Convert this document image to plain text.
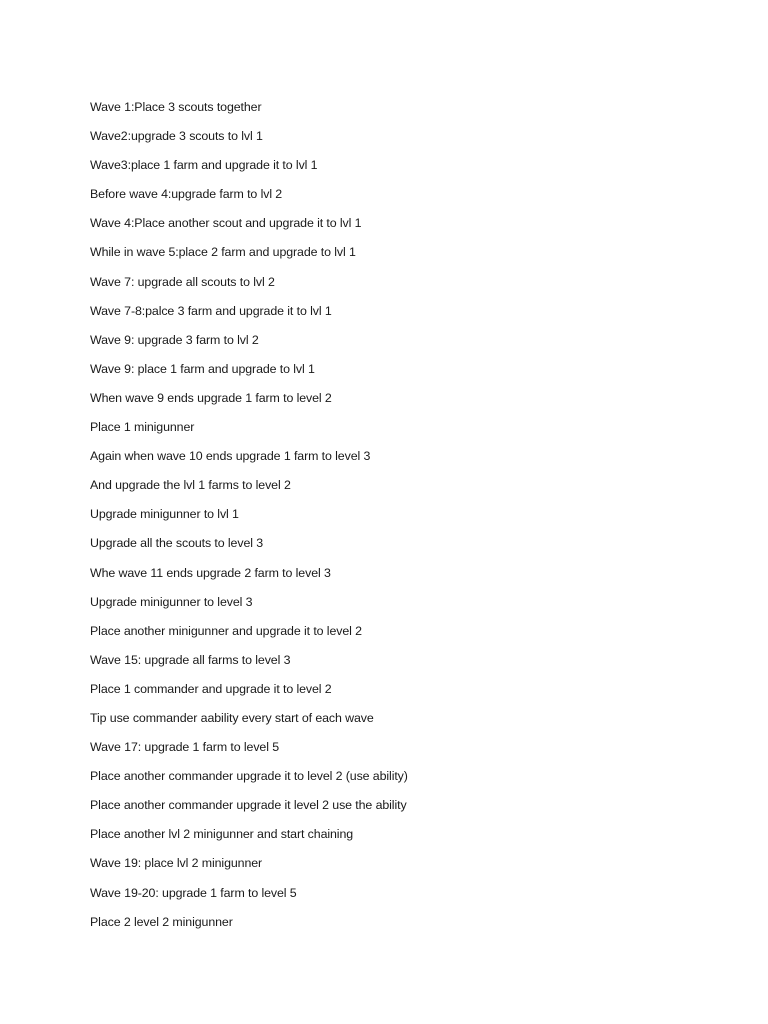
Wave 1:Place 3 scouts together
Wave2:upgrade 3 scouts to lvl 1
Wave3:place 1 farm and upgrade it to lvl 1
Before wave 4:upgrade farm to lvl 2
Wave 4:Place another scout and upgrade it to lvl 1
While in wave 5:place 2 farm and upgrade to lvl 1
Wave 7: upgrade all scouts to lvl 2
Wave 7-8:palce 3 farm and upgrade it to lvl 1
Wave 9: upgrade 3 farm to lvl 2
Wave 9: place 1 farm and upgrade to lvl 1
When wave 9 ends upgrade 1 farm to level 2
Place 1 minigunner
Again when wave 10 ends upgrade 1 farm to level 3
And upgrade the lvl 1 farms to level 2
Upgrade minigunner to lvl 1
Upgrade all the scouts to level 3
Whe wave 11 ends upgrade 2 farm to level 3
Upgrade minigunner to level 3
Place another minigunner and upgrade it to level 2
Wave 15: upgrade all farms to level 3
Place 1 commander and upgrade it to level 2
Tip use commander aability every start of each wave
Wave 17: upgrade 1 farm to level 5
Place another commander upgrade it to level 2 (use ability)
Place another commander upgrade it level 2 use the ability
Place another lvl 2 minigunner and start chaining
Wave 19: place lvl 2 minigunner
Wave 19-20: upgrade 1 farm to level 5
Place 2 level 2 minigunner
